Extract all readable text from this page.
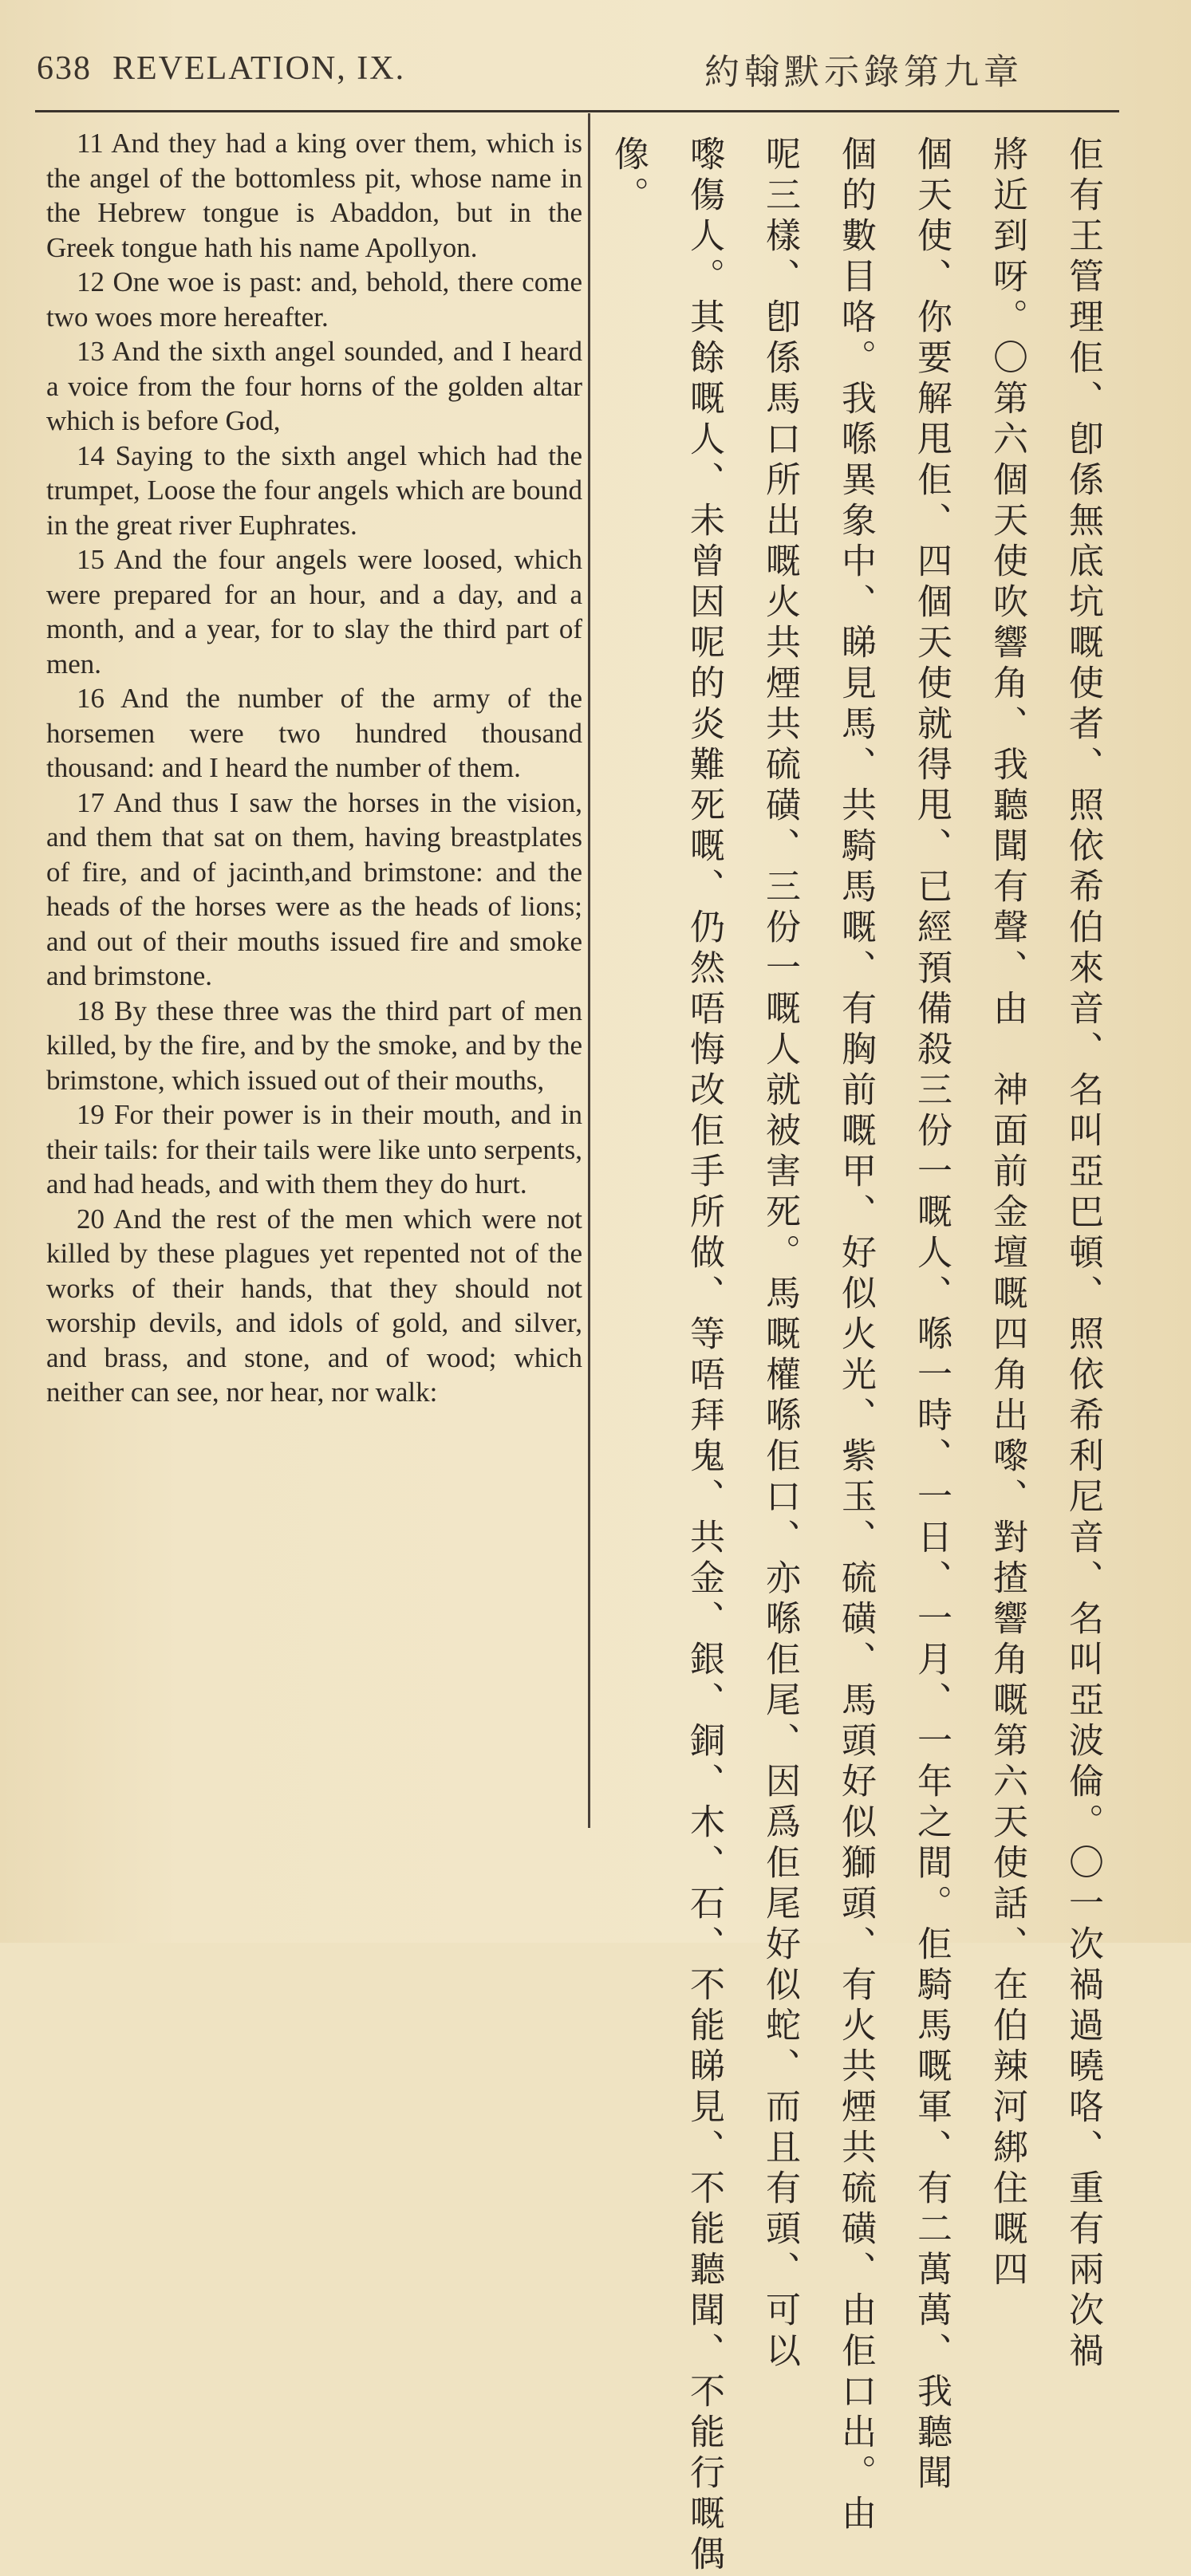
638 REVELATION, IX.	約翰默示錄第九章

11 And they had a king over them, which is the angel of the bottomless pit, whose name in the Hebrew tongue is Abaddon, but in the Greek tongue hath his name Apollyon.

12 One woe is past: and, behold, there come two woes more hereafter.

13 And the sixth angel sounded, and I heard a voice from the four horns of the golden altar which is before God,

14 Saying to the sixth angel which had the trumpet, Loose the four angels which are bound in the great river Euphrates.

15 And the four angels were loosed, which were prepared for an hour, and a day, and a month, and a year, for to slay the third part of men.

16 And the number of the army of the horsemen were two hundred thousand thousand: and I heard the number of them.

17 And thus I saw the horses in the vision, and them that sat on them, having breastplates of fire, and of jacinth,and brimstone: and the heads of the horses were as the heads of lions; and out of their mouths issued fire and smoke and brimstone.

18 By these three was the third part of men killed, by the fire, and by the smoke, and by the brimstone, which issued out of their mouths,

19 For their power is in their mouth, and in their tails: for their tails were like unto serpents, and had heads, and with them they do hurt.

20 And the rest of the men which were not killed by these plagues yet repented not of the works of their hands, that they should not worship devils, and idols of gold, and silver, and brass, and stone, and of wood; which neither can see, nor hear, nor walk:	佢有王管理佢、卽係無底坑嘅使者、照依希伯來音、名叫亞巴頓、照依希利尼音、名叫亞波倫。〇一次禍過曉咯、重有兩次禍
將近到呀。〇第六個天使吹響角、我聽聞有聲、由　神面前金壇嘅四角出嚟、對揸響角嘅第六天使話、在伯辣河綁住嘅四
個天使、你要解甩佢、四個天使就得甩、已經預備殺三份一嘅人、喺一時、一日、一月、一年之間。佢騎馬嘅軍、有二萬萬、我聽聞
個的數目咯。我喺異象中、睇見馬、共騎馬嘅、有胸前嘅甲、好似火光、紫玉、硫磺、馬頭好似獅頭、有火共煙共硫磺、由佢口出。由
呢三樣、卽係馬口所出嘅火共煙共硫磺、三份一嘅人就被害死。馬嘅權喺佢口、亦喺佢尾、因爲佢尾好似蛇、而且有頭、可以
嚟傷人。其餘嘅人、未曾因呢的炎難死嘅、仍然唔悔改佢手所做、等唔拜鬼、共金、銀、銅、木、石、不能睇見、不能聽聞、不能行嘅偶
像。
